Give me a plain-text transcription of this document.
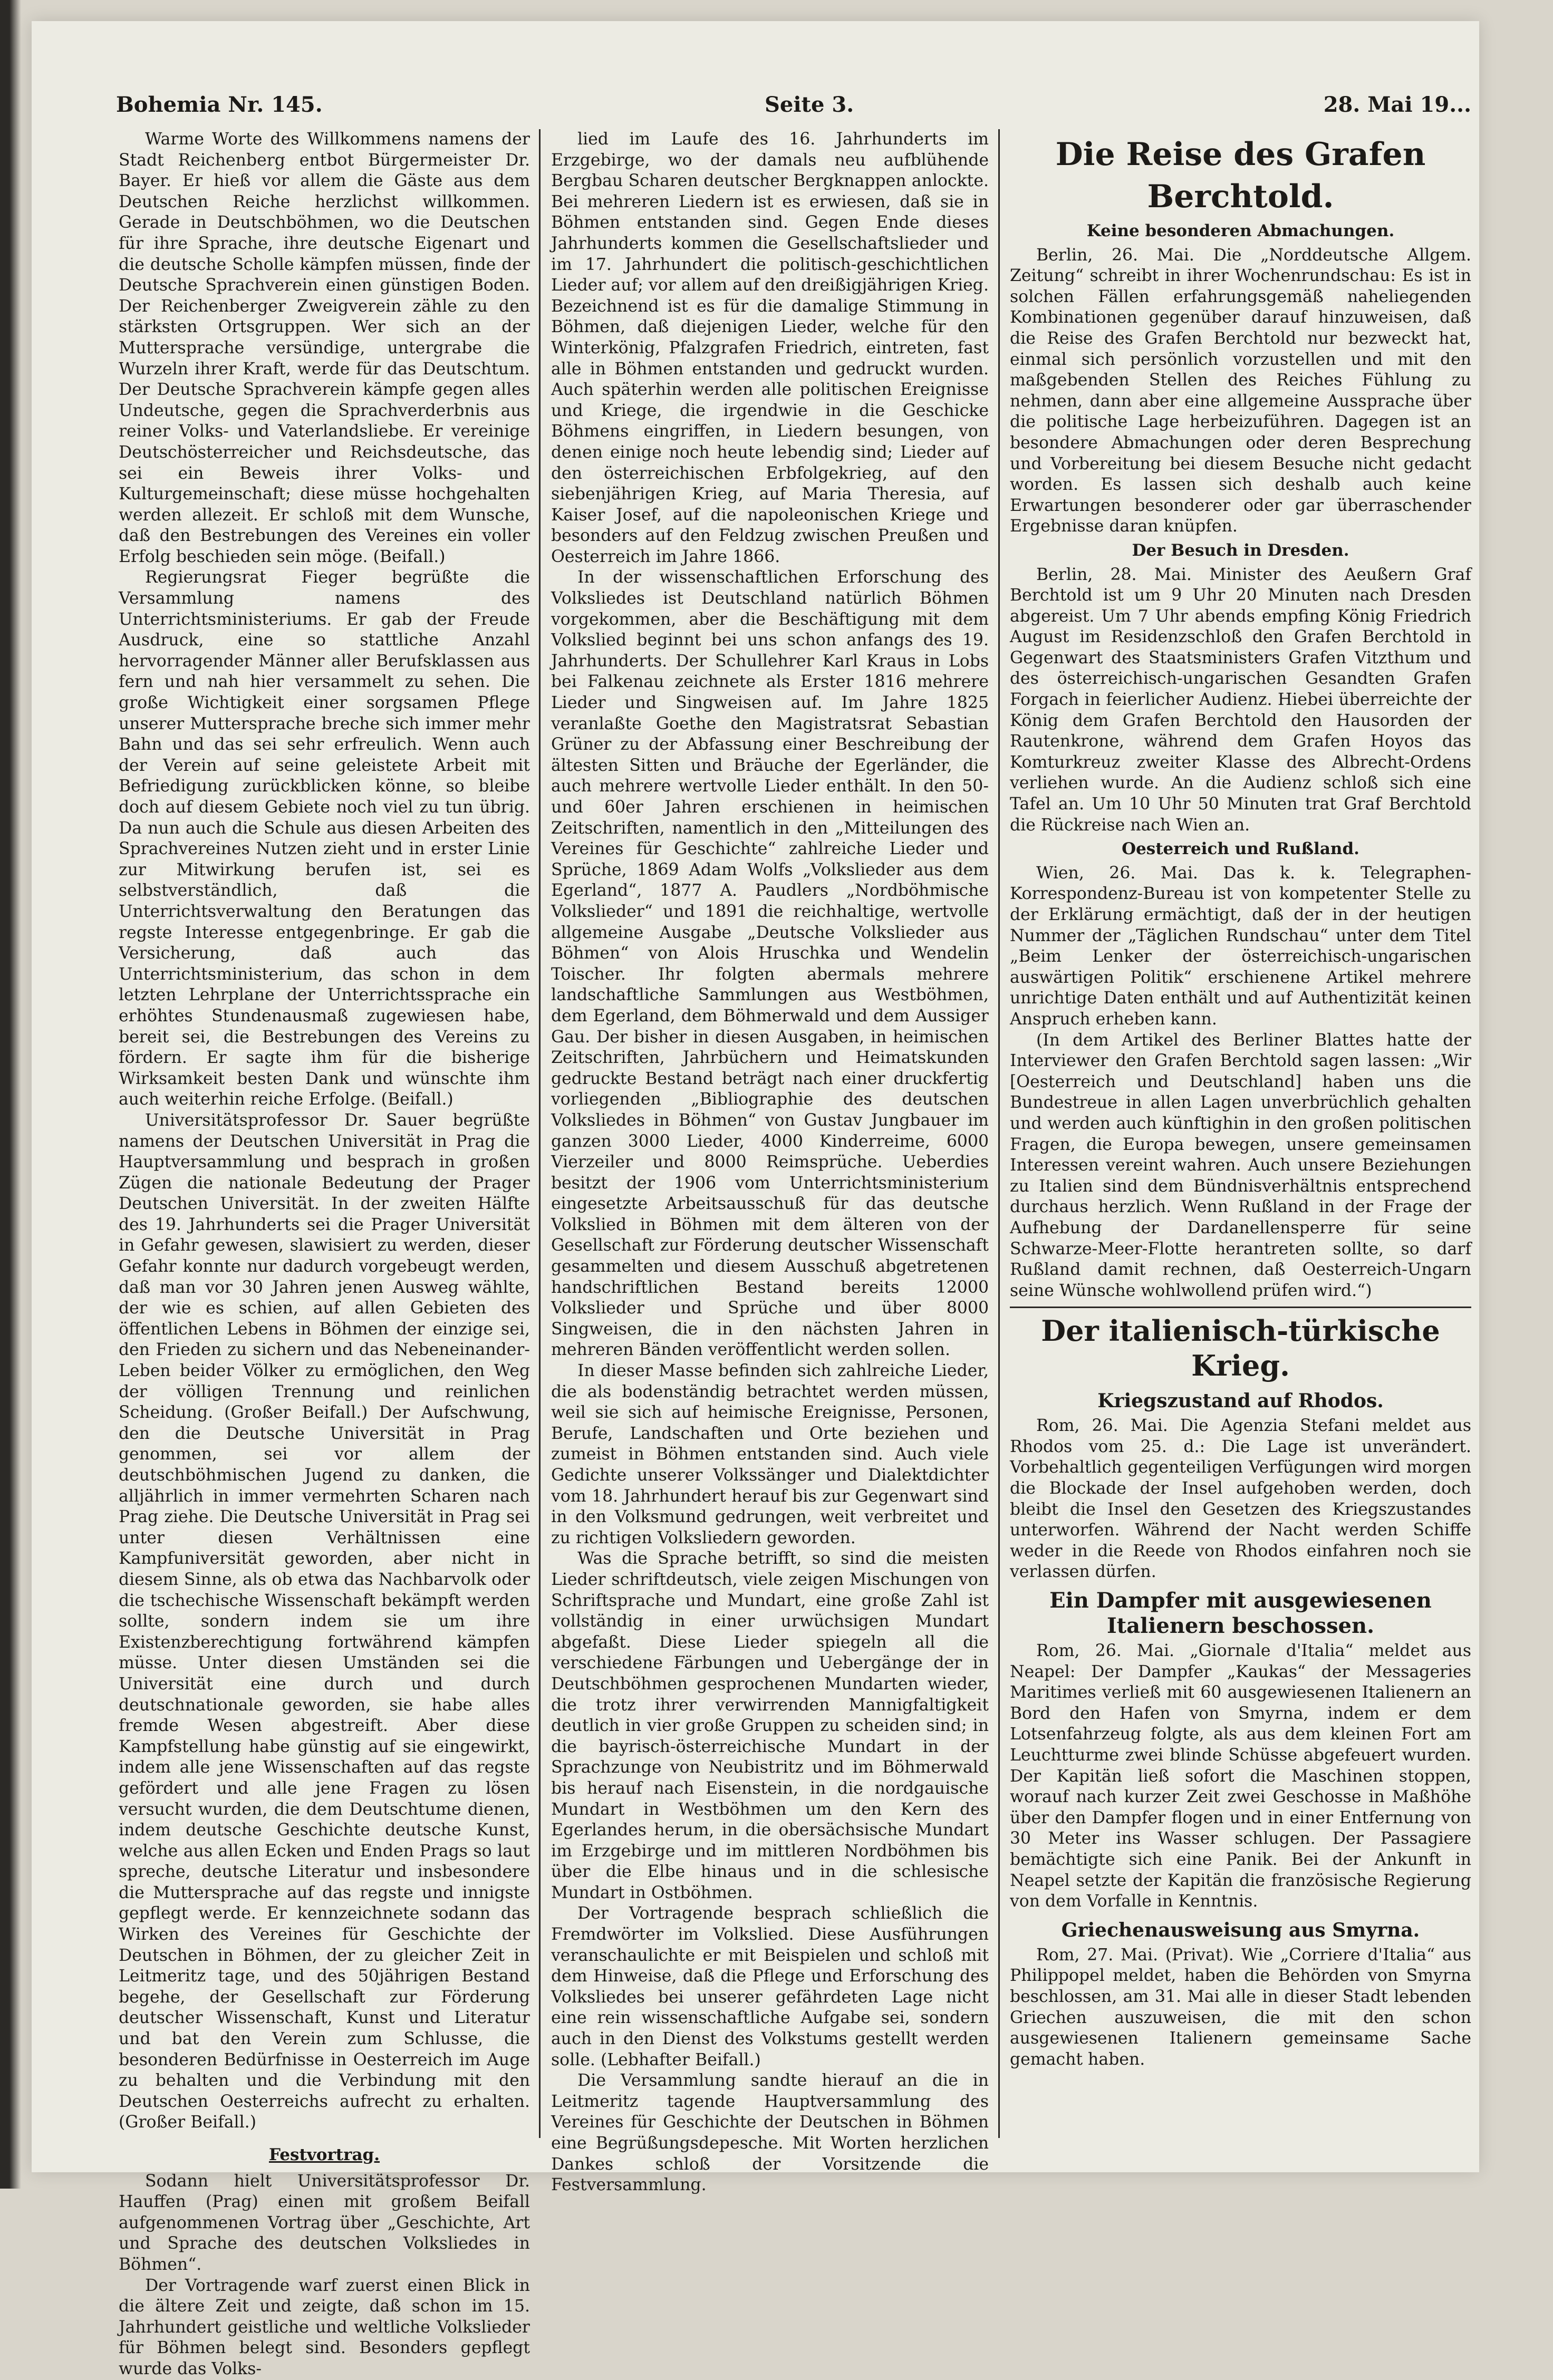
Bohemia Nr. 145.	Seite 3.	28. Mai 19...

Warme Worte des Willkommens namens der Stadt Reichenberg entbot Bürgermeister Dr. Bayer. Er hieß vor allem die Gäste aus dem Deutschen Reiche herzlichst willkommen. Gerade in Deutschböhmen, wo die Deutschen für ihre Sprache, ihre deutsche Eigenart und die deutsche Scholle kämpfen müssen, finde der Deutsche Sprachverein einen günstigen Boden. Der Reichenberger Zweigverein zähle zu den stärksten Ortsgruppen. Wer sich an der Muttersprache versündige, untergrabe die Wurzeln ihrer Kraft, werde für das Deutschtum. Der Deutsche Sprachverein kämpfe gegen alles Undeutsche, gegen die Sprachverderbnis aus reiner Volks- und Vaterlandsliebe. Er vereinige Deutschösterreicher und Reichsdeutsche, das sei ein Beweis ihrer Volks- und Kulturgemeinschaft; diese müsse hochgehalten werden allezeit. Er schloß mit dem Wunsche, daß den Bestrebungen des Vereines ein voller Erfolg beschieden sein möge. (Beifall.)

Regierungsrat Fieger begrüßte die Versammlung namens des Unterrichtsministeriums. Er gab der Freude Ausdruck, eine so stattliche Anzahl hervorragender Männer aller Berufsklassen aus fern und nah hier versammelt zu sehen. Die große Wichtigkeit einer sorgsamen Pflege unserer Muttersprache breche sich immer mehr Bahn und das sei sehr erfreulich. Wenn auch der Verein auf seine geleistete Arbeit mit Befriedigung zurückblicken könne, so bleibe doch auf diesem Gebiete noch viel zu tun übrig. Da nun auch die Schule aus diesen Arbeiten des Sprachvereines Nutzen zieht und in erster Linie zur Mitwirkung berufen ist, sei es selbstverständlich, daß die Unterrichtsverwaltung den Beratungen das regste Interesse entgegenbringe. Er gab die Versicherung, daß auch das Unterrichtsministerium, das schon in dem letzten Lehrplane der Unterrichtssprache ein erhöhtes Stundenausmaß zugewiesen habe, bereit sei, die Bestrebungen des Vereins zu fördern. Er sagte ihm für die bisherige Wirksamkeit besten Dank und wünschte ihm auch weiterhin reiche Erfolge. (Beifall.)

Universitätsprofessor Dr. Sauer begrüßte namens der Deutschen Universität in Prag die Hauptversammlung und besprach in großen Zügen die nationale Bedeutung der Prager Deutschen Universität. In der zweiten Hälfte des 19. Jahrhunderts sei die Prager Universität in Gefahr gewesen, slawisiert zu werden, dieser Gefahr konnte nur dadurch vorgebeugt werden, daß man vor 30 Jahren jenen Ausweg wählte, der wie es schien, auf allen Gebieten des öffentlichen Lebens in Böhmen der einzige sei, den Frieden zu sichern und das Nebeneinander-Leben beider Völker zu ermöglichen, den Weg der völligen Trennung und reinlichen Scheidung. (Großer Beifall.) Der Aufschwung, den die Deutsche Universität in Prag genommen, sei vor allem der deutschböhmischen Jugend zu danken, die alljährlich in immer vermehrten Scharen nach Prag ziehe. Die Deutsche Universität in Prag sei unter diesen Verhältnissen eine Kampfuniversität geworden, aber nicht in diesem Sinne, als ob etwa das Nachbarvolk oder die tschechische Wissenschaft bekämpft werden sollte, sondern indem sie um ihre Existenzberechtigung fortwährend kämpfen müsse. Unter diesen Umständen sei die Universität eine durch und durch deutschnationale geworden, sie habe alles fremde Wesen abgestreift. Aber diese Kampfstellung habe günstig auf sie eingewirkt, indem alle jene Wissenschaften auf das regste gefördert und alle jene Fragen zu lösen versucht wurden, die dem Deutschtume dienen, indem deutsche Geschichte deutsche Kunst, welche aus allen Ecken und Enden Prags so laut spreche, deutsche Literatur und insbesondere die Muttersprache auf das regste und innigste gepflegt werde. Er kennzeichnete sodann das Wirken des Vereines für Geschichte der Deutschen in Böhmen, der zu gleicher Zeit in Leitmeritz tage, und des 50jährigen Bestand begehe, der Gesellschaft zur Förderung deutscher Wissenschaft, Kunst und Literatur und bat den Verein zum Schlusse, die besonderen Bedürfnisse in Oesterreich im Auge zu behalten und die Verbindung mit den Deutschen Oesterreichs aufrecht zu erhalten. (Großer Beifall.)

Festvortrag.

Sodann hielt Universitätsprofessor Dr. Hauffen (Prag) einen mit großem Beifall aufgenommenen Vortrag über „Geschichte, Art und Sprache des deutschen Volksliedes in Böhmen“.

Der Vortragende warf zuerst einen Blick in die ältere Zeit und zeigte, daß schon im 15. Jahrhundert geistliche und weltliche Volkslieder für Böhmen belegt sind. Besonders gepflegt wurde das Volks-

lied im Laufe des 16. Jahrhunderts im Erzgebirge, wo der damals neu aufblühende Bergbau Scharen deutscher Bergknappen anlockte. Bei mehreren Liedern ist es erwiesen, daß sie in Böhmen entstanden sind. Gegen Ende dieses Jahrhunderts kommen die Gesellschaftslieder und im 17. Jahrhundert die politisch-geschichtlichen Lieder auf; vor allem auf den dreißigjährigen Krieg. Bezeichnend ist es für die damalige Stimmung in Böhmen, daß diejenigen Lieder, welche für den Winterkönig, Pfalzgrafen Friedrich, eintreten, fast alle in Böhmen entstanden und gedruckt wurden. Auch späterhin werden alle politischen Ereignisse und Kriege, die irgendwie in die Geschicke Böhmens eingriffen, in Liedern besungen, von denen einige noch heute lebendig sind; Lieder auf den österreichischen Erbfolgekrieg, auf den siebenjährigen Krieg, auf Maria Theresia, auf Kaiser Josef, auf die napoleonischen Kriege und besonders auf den Feldzug zwischen Preußen und Oesterreich im Jahre 1866.

In der wissenschaftlichen Erforschung des Volksliedes ist Deutschland natürlich Böhmen vorgekommen, aber die Beschäftigung mit dem Volkslied beginnt bei uns schon anfangs des 19. Jahrhunderts. Der Schullehrer Karl Kraus in Lobs bei Falkenau zeichnete als Erster 1816 mehrere Lieder und Singweisen auf. Im Jahre 1825 veranlaßte Goethe den Magistratsrat Sebastian Grüner zu der Abfassung einer Beschreibung der ältesten Sitten und Bräuche der Egerländer, die auch mehrere wertvolle Lieder enthält. In den 50- und 60er Jahren erschienen in heimischen Zeitschriften, namentlich in den „Mitteilungen des Vereines für Geschichte“ zahlreiche Lieder und Sprüche, 1869 Adam Wolfs „Volkslieder aus dem Egerland“, 1877 A. Paudlers „Nordböhmische Volkslieder“ und 1891 die reichhaltige, wertvolle allgemeine Ausgabe „Deutsche Volkslieder aus Böhmen“ von Alois Hruschka und Wendelin Toischer. Ihr folgten abermals mehrere landschaftliche Sammlungen aus Westböhmen, dem Egerland, dem Böhmerwald und dem Aussiger Gau. Der bisher in diesen Ausgaben, in heimischen Zeitschriften, Jahrbüchern und Heimatskunden gedruckte Bestand beträgt nach einer druckfertig vorliegenden „Bibliographie des deutschen Volksliedes in Böhmen“ von Gustav Jungbauer im ganzen 3000 Lieder, 4000 Kinderreime, 6000 Vierzeiler und 8000 Reimsprüche. Ueberdies besitzt der 1906 vom Unterrichtsministerium eingesetzte Arbeitsausschuß für das deutsche Volkslied in Böhmen mit dem älteren von der Gesellschaft zur Förderung deutscher Wissenschaft gesammelten und diesem Ausschuß abgetretenen handschriftlichen Bestand bereits 12000 Volkslieder und Sprüche und über 8000 Singweisen, die in den nächsten Jahren in mehreren Bänden veröffentlicht werden sollen.

In dieser Masse befinden sich zahlreiche Lieder, die als bodenständig betrachtet werden müssen, weil sie sich auf heimische Ereignisse, Personen, Berufe, Landschaften und Orte beziehen und zumeist in Böhmen entstanden sind. Auch viele Gedichte unserer Volkssänger und Dialektdichter vom 18. Jahrhundert herauf bis zur Gegenwart sind in den Volksmund gedrungen, weit verbreitet und zu richtigen Volksliedern geworden.

Was die Sprache betrifft, so sind die meisten Lieder schriftdeutsch, viele zeigen Mischungen von Schriftsprache und Mundart, eine große Zahl ist vollständig in einer urwüchsigen Mundart abgefaßt. Diese Lieder spiegeln all die verschiedene Färbungen und Uebergänge der in Deutschböhmen gesprochenen Mundarten wieder, die trotz ihrer verwirrenden Mannigfaltigkeit deutlich in vier große Gruppen zu scheiden sind; in die bayrisch-österreichische Mundart in der Sprachzunge von Neubistritz und im Böhmerwald bis herauf nach Eisenstein, in die nordgauische Mundart in Westböhmen um den Kern des Egerlandes herum, in die obersächsische Mundart im Erzgebirge und im mittleren Nordböhmen bis über die Elbe hinaus und in die schlesische Mundart in Ostböhmen.

Der Vortragende besprach schließlich die Fremdwörter im Volkslied. Diese Ausführungen veranschaulichte er mit Beispielen und schloß mit dem Hinweise, daß die Pflege und Erforschung des Volksliedes bei unserer gefährdeten Lage nicht eine rein wissenschaftliche Aufgabe sei, sondern auch in den Dienst des Volkstums gestellt werden solle. (Lebhafter Beifall.)

Die Versammlung sandte hierauf an die in Leitmeritz tagende Hauptversammlung des Vereines für Geschichte der Deutschen in Böhmen eine Begrüßungsdepesche. Mit Worten herzlichen Dankes schloß der Vorsitzende die Festversammlung.

Die Reise des Grafen Berchtold.

Keine besonderen Abmachungen.

Berlin, 26. Mai. Die „Norddeutsche Allgem. Zeitung“ schreibt in ihrer Wochenrundschau: Es ist in solchen Fällen erfahrungsgemäß naheliegenden Kombinationen gegenüber darauf hinzuweisen, daß die Reise des Grafen Berchtold nur bezweckt hat, einmal sich persönlich vorzustellen und mit den maßgebenden Stellen des Reiches Fühlung zu nehmen, dann aber eine allgemeine Aussprache über die politische Lage herbeizuführen. Dagegen ist an besondere Abmachungen oder deren Besprechung und Vorbereitung bei diesem Besuche nicht gedacht worden. Es lassen sich deshalb auch keine Erwartungen besonderer oder gar überraschender Ergebnisse daran knüpfen.

Der Besuch in Dresden.

Berlin, 28. Mai. Minister des Aeußern Graf Berchtold ist um 9 Uhr 20 Minuten nach Dresden abgereist. Um 7 Uhr abends empfing König Friedrich August im Residenzschloß den Grafen Berchtold in Gegenwart des Staatsministers Grafen Vitzthum und des österreichisch-ungarischen Gesandten Grafen Forgach in feierlicher Audienz. Hiebei überreichte der König dem Grafen Berchtold den Hausorden der Rautenkrone, während dem Grafen Hoyos das Komturkreuz zweiter Klasse des Albrecht-Ordens verliehen wurde. An die Audienz schloß sich eine Tafel an. Um 10 Uhr 50 Minuten trat Graf Berchtold die Rückreise nach Wien an.

Oesterreich und Rußland.

Wien, 26. Mai. Das k. k. Telegraphen-Korrespondenz-Bureau ist von kompetenter Stelle zu der Erklärung ermächtigt, daß der in der heutigen Nummer der „Täglichen Rundschau“ unter dem Titel „Beim Lenker der österreichisch-ungarischen auswärtigen Politik“ erschienene Artikel mehrere unrichtige Daten enthält und auf Authentizität keinen Anspruch erheben kann.

(In dem Artikel des Berliner Blattes hatte der Interviewer den Grafen Berchtold sagen lassen: „Wir [Oesterreich und Deutschland] haben uns die Bundestreue in allen Lagen unverbrüchlich gehalten und werden auch künftighin in den großen politischen Fragen, die Europa bewegen, unsere gemeinsamen Interessen vereint wahren. Auch unsere Beziehungen zu Italien sind dem Bündnisverhältnis entsprechend durchaus herzlich. Wenn Rußland in der Frage der Aufhebung der Dardanellensperre für seine Schwarze-Meer-Flotte herantreten sollte, so darf Rußland damit rechnen, daß Oesterreich-Ungarn seine Wünsche wohlwollend prüfen wird.“)

Der italienisch-türkische Krieg.

Kriegszustand auf Rhodos.

Rom, 26. Mai. Die Agenzia Stefani meldet aus Rhodos vom 25. d.: Die Lage ist unverändert. Vorbehaltlich gegenteiligen Verfügungen wird morgen die Blockade der Insel aufgehoben werden, doch bleibt die Insel den Gesetzen des Kriegszustandes unterworfen. Während der Nacht werden Schiffe weder in die Reede von Rhodos einfahren noch sie verlassen dürfen.

Ein Dampfer mit ausgewiesenen Italienern beschossen.

Rom, 26. Mai. „Giornale d'Italia“ meldet aus Neapel: Der Dampfer „Kaukas“ der Messageries Maritimes verließ mit 60 ausgewiesenen Italienern an Bord den Hafen von Smyrna, indem er dem Lotsenfahrzeug folgte, als aus dem kleinen Fort am Leuchtturme zwei blinde Schüsse abgefeuert wurden. Der Kapitän ließ sofort die Maschinen stoppen, worauf nach kurzer Zeit zwei Geschosse in Maßhöhe über den Dampfer flogen und in einer Entfernung von 30 Meter ins Wasser schlugen. Der Passagiere bemächtigte sich eine Panik. Bei der Ankunft in Neapel setzte der Kapitän die französische Regierung von dem Vorfalle in Kenntnis.

Griechenausweisung aus Smyrna.

Rom, 27. Mai. (Privat). Wie „Corriere d'Italia“ aus Philippopel meldet, haben die Behörden von Smyrna beschlossen, am 31. Mai alle in dieser Stadt lebenden Griechen auszuweisen, die mit den schon ausgewiesenen Italienern gemeinsame Sache gemacht haben.
